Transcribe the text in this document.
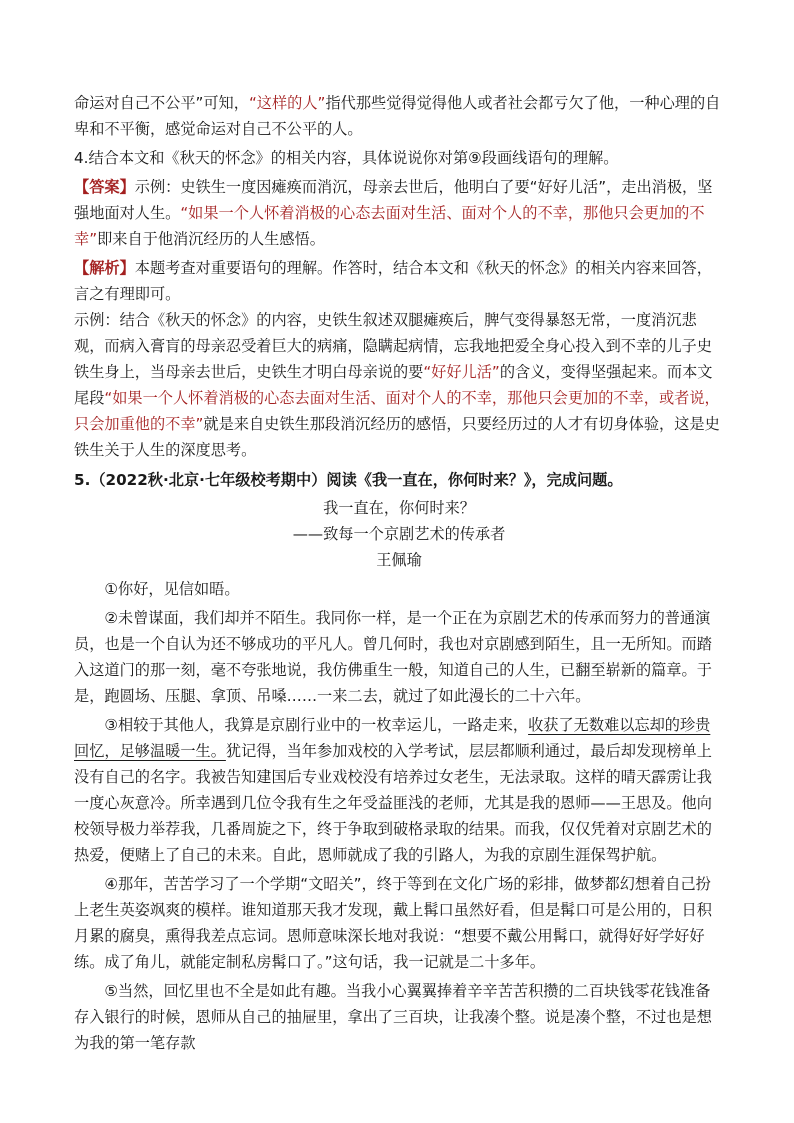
命运对自己不公平”可知，“这样的人”指代那些觉得觉得他人或者社会都亏欠了他，一种心理的自卑和不平衡，感觉命运对自己不公平的人。

4.结合本文和《秋天的怀念》的相关内容，具体说说你对第⑨段画线语句的理解。

【答案】示例：史铁生一度因瘫痪而消沉，母亲去世后，他明白了要“好好儿活”，走出消极，坚强地面对人生。“如果一个人怀着消极的心态去面对生活、面对个人的不幸，那他只会更加的不幸”即来自于他消沉经历的人生感悟。

【解析】本题考查对重要语句的理解。作答时，结合本文和《秋天的怀念》的相关内容来回答，言之有理即可。

示例：结合《秋天的怀念》的内容，史铁生叙述双腿瘫痪后，脾气变得暴怒无常，一度消沉悲观，而病入膏肓的母亲忍受着巨大的病痛，隐瞒起病情，忘我地把爱全身心投入到不幸的儿子史铁生身上，当母亲去世后，史铁生才明白母亲说的要“好好儿活”的含义，变得坚强起来。而本文尾段“如果一个人怀着消极的心态去面对生活、面对个人的不幸，那他只会更加的不幸，或者说，只会加重他的不幸”就是来自史铁生那段消沉经历的感悟，只要经历过的人才有切身体验，这是史铁生关于人生的深度思考。

5.（2022秋·北京·七年级校考期中）阅读《我一直在，你何时来？》，完成问题。

我一直在，你何时来？

——致每一个京剧艺术的传承者

王佩瑜

①你好，见信如晤。

②未曾谋面，我们却并不陌生。我同你一样，是一个正在为京剧艺术的传承而努力的普通演员，也是一个自认为还不够成功的平凡人。曾几何时，我也对京剧感到陌生，且一无所知。而踏入这道门的那一刻，毫不夸张地说，我仿佛重生一般，知道自己的人生，已翻至崭新的篇章。于是，跑圆场、压腿、拿顶、吊嗓……一来二去，就过了如此漫长的二十六年。

③相较于其他人，我算是京剧行业中的一枚幸运儿，一路走来，收获了无数难以忘却的珍贵回忆，足够温暖一生。犹记得，当年参加戏校的入学考试，层层都顺利通过，最后却发现榜单上没有自己的名字。我被告知建国后专业戏校没有培养过女老生，无法录取。这样的晴天霹雳让我一度心灰意冷。所幸遇到几位令我有生之年受益匪浅的老师，尤其是我的恩师——王思及。他向校领导极力举荐我，几番周旋之下，终于争取到破格录取的结果。而我，仅仅凭着对京剧艺术的热爱，便赌上了自己的未来。自此，恩师就成了我的引路人，为我的京剧生涯保驾护航。

④那年，苦苦学习了一个学期“文昭关”，终于等到在文化广场的彩排，做梦都幻想着自己扮上老生英姿飒爽的模样。谁知道那天我才发现，戴上髯口虽然好看，但是髯口可是公用的，日积月累的腐臭，熏得我差点忘词。恩师意味深长地对我说：“想要不戴公用髯口，就得好好学好好练。成了角儿，就能定制私房髯口了。”这句话，我一记就是二十多年。

⑤当然，回忆里也不全是如此有趣。当我小心翼翼捧着辛辛苦苦积攒的二百块钱零花钱准备存入银行的时候，恩师从自己的抽屉里，拿出了三百块，让我凑个整。说是凑个整，不过也是想为我的第一笔存款
